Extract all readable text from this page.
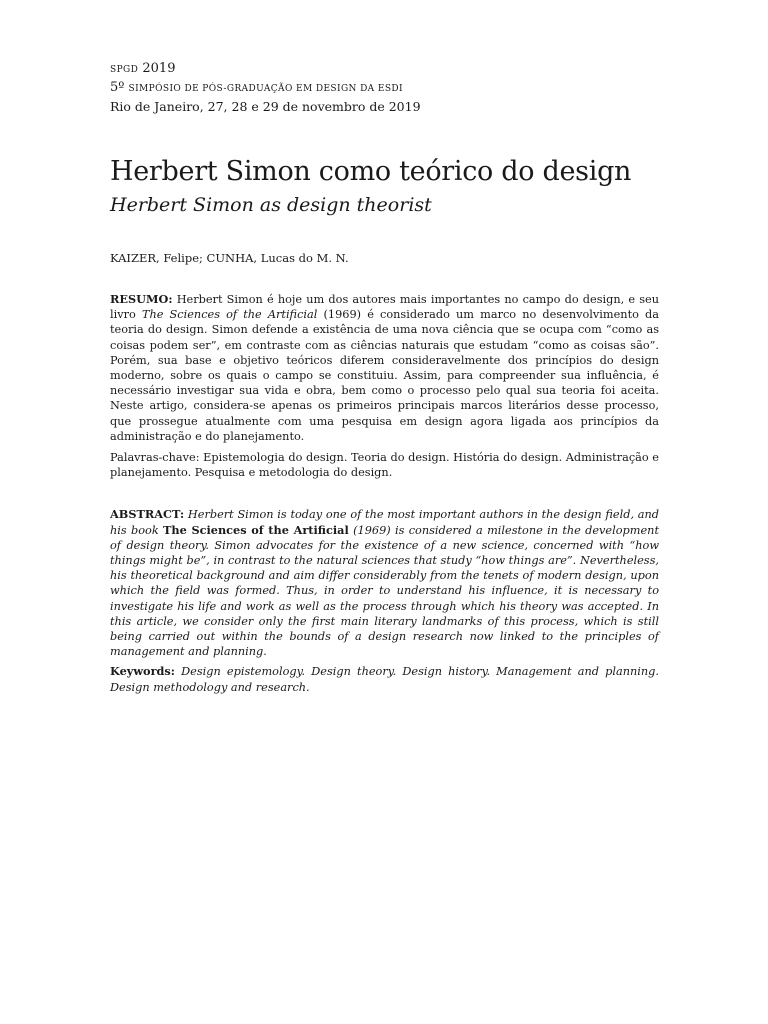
SPGD 2019
5º SIMPÓSIO DE PÓS-GRADUAÇÃO EM DESIGN DA ESDI
Rio de Janeiro, 27, 28 e 29 de novembro de 2019
Herbert Simon como teórico do design
Herbert Simon as design theorist
KAIZER, Felipe; CUNHA, Lucas do M. N.

RESUMO: Herbert Simon é hoje um dos autores mais importantes no campo do design, e seu livro The Sciences of the Artificial (1969) é considerado um marco no desenvolvimento da teoria do design. Simon defende a existência de uma nova ciência que se ocupa com “como as coisas podem ser”, em contraste com as ciências naturais que estudam “como as coisas são”. Porém, sua base e objetivo teóricos diferem consideravelmente dos princípios do design moderno, sobre os quais o campo se constituiu. Assim, para compreender sua influência, é necessário investigar sua vida e obra, bem como o processo pelo qual sua teoria foi aceita. Neste artigo, considera-se apenas os primeiros principais marcos literários desse processo, que prossegue atualmente com uma pesquisa em design agora ligada aos princípios da administração e do planejamento.

Palavras-chave: Epistemologia do design. Teoria do design. História do design. Administração e planejamento. Pesquisa e metodologia do design.

ABSTRACT: Herbert Simon is today one of the most important authors in the design field, and his book The Sciences of the Artificial (1969) is considered a milestone in the development of design theory. Simon advocates for the existence of a new science, concerned with “how things might be”, in contrast to the natural sciences that study “how things are”. Nevertheless, his theoretical background and aim differ considerably from the tenets of modern design, upon which the field was formed. Thus, in order to understand his influence, it is necessary to investigate his life and work as well as the process through which his theory was accepted. In this article, we consider only the first main literary landmarks of this process, which is still being carried out within the bounds of a design research now linked to the principles of management and planning.

Keywords: Design epistemology. Design theory. Design history. Management and planning. Design methodology and research.
